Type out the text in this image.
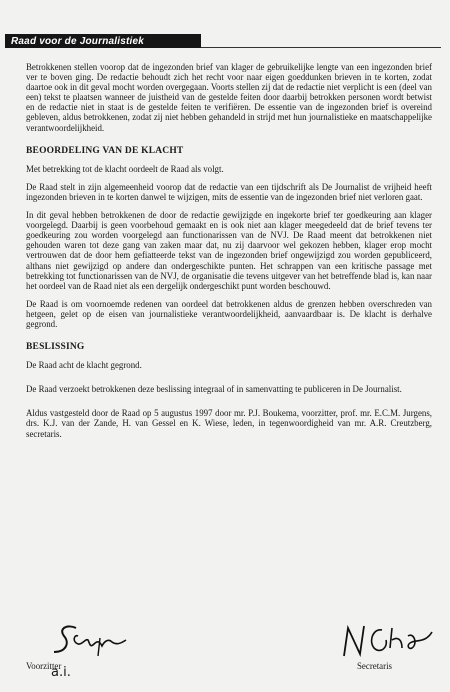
Raad voor de Journalistiek

Betrokkenen stellen voorop dat de ingezonden brief van klager de gebruikelijke lengte van een ingezonden brief ver te boven ging. De redactie behoudt zich het recht voor naar eigen goeddunken brieven in te korten, zodat daartoe ook in dit geval mocht worden overgegaan. Voorts stellen zij dat de redactie niet verplicht is een (deel van een) tekst te plaatsen wanneer de juistheid van de gestelde feiten door daarbij betrokken personen wordt betwist en de redactie niet in staat is de gestelde feiten te verifiëren. De essentie van de ingezonden brief is overeind gebleven, aldus betrokkenen, zodat zij niet hebben gehandeld in strijd met hun journalistieke en maatschappelijke verantwoordelijkheid.

BEOORDELING VAN DE KLACHT

Met betrekking tot de klacht oordeelt de Raad als volgt.

De Raad stelt in zijn algemeenheid voorop dat de redactie van een tijdschrift als De Journalist de vrijheid heeft ingezonden brieven in te korten danwel te wijzigen, mits de essentie van de ingezonden brief niet verloren gaat.

In dit geval hebben betrokkenen de door de redactie gewijzigde en ingekorte brief ter goedkeuring aan klager voorgelegd. Daarbij is geen voorbehoud gemaakt en is ook niet aan klager meegedeeld dat de brief tevens ter goedkeuring zou worden voorgelegd aan functionarissen van de NVJ. De Raad meent dat betrokkenen niet gehouden waren tot deze gang van zaken maar dat, nu zij daarvoor wel gekozen hebben, klager erop mocht vertrouwen dat de door hem gefiatteerde tekst van de ingezonden brief ongewijzigd zou worden gepubliceerd, althans niet gewijzigd op andere dan ondergeschikte punten. Het schrappen van een kritische passage met betrekking tot functionarissen van de NVJ, de organisatie die tevens uitgever van het betreffende blad is, kan naar het oordeel van de Raad niet als een dergelijk ondergeschikt punt worden beschouwd.

De Raad is om voornoemde redenen van oordeel dat betrokkenen aldus de grenzen hebben overschreden van hetgeen, gelet op de eisen van journalistieke verantwoordelijkheid, aanvaardbaar is. De klacht is derhalve gegrond.

BESLISSING

De Raad acht de klacht gegrond.

De Raad verzoekt betrokkenen deze beslissing integraal of in samenvatting te publiceren in De Journalist.

Aldus vastgesteld door de Raad op 5 augustus 1997 door mr. P.J. Boukema, voorzitter, prof. mr. E.C.M. Jurgens, drs. K.J. van der Zande, H. van Gessel en K. Wiese, leden, in tegenwoordigheid van mr. A.R. Creutzberg, secretaris.

Voorzitter
a.i.	Secretaris
